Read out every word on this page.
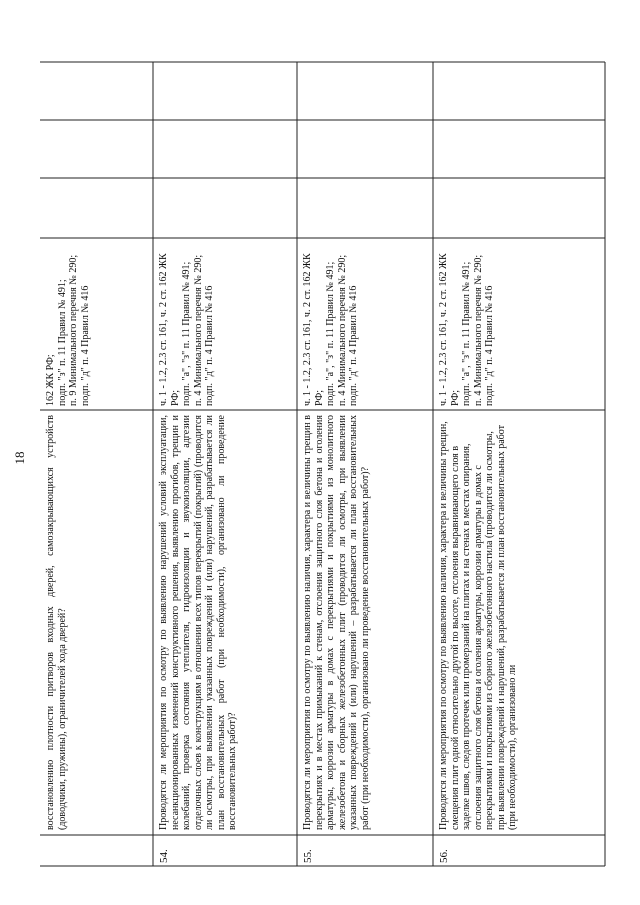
18	восстановлению плотности притворов входных дверей, самозакрывающихся устройств (доводчики, пружины), ограничителей хода дверей?
162 ЖК РФ;
подп. "з" п. 11 Правил № 491;
п. 9 Минимального перечня № 290;
подп. "д" п. 4 Правил № 416
54.
Проводятся ли мероприятия по осмотру по выявлению нарушений условий эксплуатации, несанкционированных изменений конструктивного решения, выявлению прогибов, трещин и колебаний, проверка состояния утеплителя, гидроизоляции и звукоизоляции, адгезии отделочных слоев к конструкциям в отношении всех типов перекрытий (покрытий) (проводится ли осмотры, при выявлении указанных повреждений и (или) нарушений, разрабатывается ли план восстановительных работ (при необходимости), организовано ли проведение восстановительных работ)?
ч. 1 - 1.2, 2.3 ст. 161, ч. 2 ст. 162 ЖК РФ;
подп. "а", "з" п. 11 Правил № 491;
п. 4 Минимального перечня № 290;
подп. "д" п. 4 Правил № 416
55.
Проводятся ли мероприятия по осмотру по выявлению наличия, характера и величины трещин в перекрытиях и в местах примыканий к стенам, отслоения защитного слоя бетона и оголения арматуры, коррозии арматуры в домах с перекрытиями и покрытиями из монолитного железобетона и сборных железобетонных плит (проводится ли осмотры, при выявлении указанных повреждений и (или) нарушений – разрабатывается ли план восстановительных работ (при необходимости), организовано ли проведение восстановительных работ)?
ч. 1 - 1.2, 2.3 ст. 161, ч. 2 ст. 162 ЖК РФ;
подп. "а", "з" п. 11 Правил № 491;
п. 4 Минимального перечня № 290;
подп. "д" п. 4 Правил № 416
56.
Проводятся ли мероприятия по осмотру по выявлению наличия, характера и величины трещин, смещения плит одной относительно другой по высоте, отслоения выравнивающего слоя в заделке швов, следов протечек или промерзаний на плитах и на стенах в местах опирания, отслоения защитного слоя бетона и оголения арматуры, коррозии арматуры в домах с перекрытиями и покрытиями из сборного железобетонного настила (проводится ли осмотры, при выявлении повреждений и нарушений, разрабатывается ли план восстановительных работ (при необходимости), организовано ли
ч. 1 - 1.2, 2.3 ст. 161, ч. 2 ст. 162 ЖК РФ;
подп. "а", "з" п. 11 Правил № 491;
п. 4 Минимального перечня № 290;
подп. "д" п. 4 Правил № 416
